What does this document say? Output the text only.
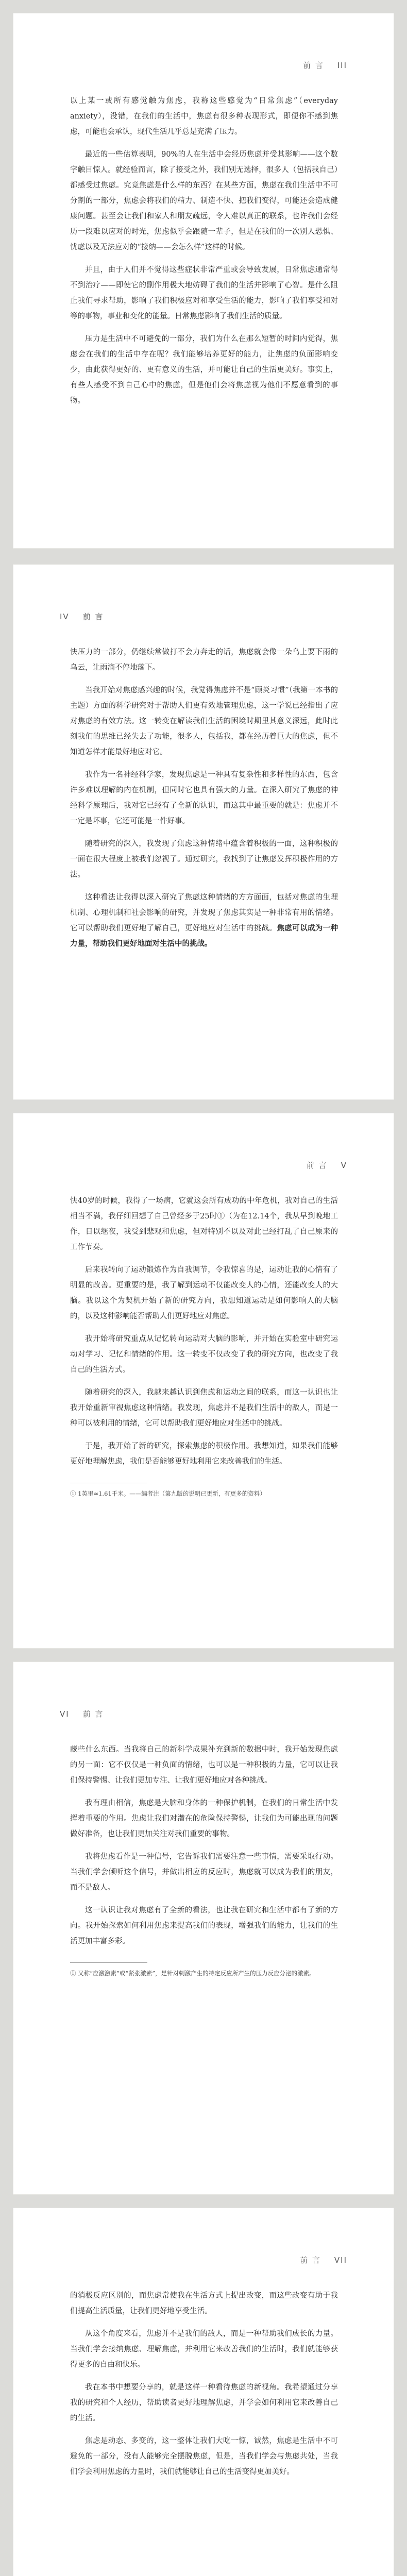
前 言 III

以上某一或所有感觉触为焦虑，我称这些感觉为“日常焦虑”（everyday anxiety），没错，在我们的生活中，焦虑有很多种表现形式，即便你不感到焦虑，可能也会承认，现代生活几乎总是充满了压力。

最近的一些估算表明，90%的人在生活中会经历焦虑并受其影响——这个数字触目惊人。就经验而言，除了接受之外，我们别无选择，很多人（包括我自己）都感受过焦虑。究竟焦虑是什么样的东西？在某些方面，焦虑在我们生活中不可分割的一部分，焦虑会将我们的精力、制造不快、把我们变得，可能还会造成健康问题。甚至会让我们和家人和朋友疏远，令人难以真正的联系，也许我们会经历一段难以应对的时光，焦虑似乎会跟随一辈子，但是在我们的一次别人恐惧、忧虑以及无法应对的“接纳——会怎么样”这样的时候。

并且，由于人们并不觉得这些症状非常严重或会导致发展，日常焦虑通常得不到治疗——即使它的副作用极大地妨碍了我们的生活并影响了心智。是什么阻止我们寻求帮助，影响了我们积极应对和享受生活的能力，影响了我们享受和对等的事物，事业和变化的能量。日常焦虑影响了我们生活的质量。

压力是生活中不可避免的一部分，我们为什么在那么短暂的时间内觉得，焦虑会在我们的生活中存在呢？我们能够培养更好的能力，让焦虑的负面影响变少，由此获得更好的、更有意义的生活，并可能让自己的生活更美好。事实上，有些人感受不到自己心中的焦虑，但是他们会将焦虑视为他们不愿意看到的事物。

IV 前 言

快压力的一部分，仍继续常做打不会力奔走的话，焦虑就会像一朵乌上要下雨的乌云，让雨滴不停地落下。

当我开始对焦虑感兴趣的时候，我觉得焦虑并不是“顾炎习惯”（我第一本书的主题）方面的科学研究对于帮助人们更有效地管理焦虑，这一学说已经指出了应对焦虑的有效方法。这一转变在解读我们生活的困境时期里其意义深远，此时此刻我们的思维已经失去了功能，很多人，包括我，都在经历着巨大的焦虑，但不知道怎样才能最好地应对它。

我作为一名神经科学家，发现焦虑是一种具有复杂性和多样性的东西，包含许多难以理解的内在机制，但同时它也具有强大的力量。在深入研究了焦虑的神经科学原理后，我对它已经有了全新的认识，而这其中最重要的就是：焦虑并不一定是坏事，它还可能是一件好事。

随着研究的深入，我发现了焦虑这种情绪中蕴含着积极的一面，这种积极的一面在很大程度上被我们忽视了。通过研究，我找到了让焦虑发挥积极作用的方法。

这种看法让我得以深入研究了焦虑这种情绪的方方面面，包括对焦虑的生理机制、心理机制和社会影响的研究，并发现了焦虑其实是一种非常有用的情绪。它可以帮助我们更好地了解自己，更好地应对生活中的挑战。焦虑可以成为一种力量，帮助我们更好地面对生活中的挑战。

前 言 V

快40岁的时候，我得了一场病，它就这会所有成功的中年危机，我对自己的生活相当不满，我仔细回想了自己曾经多于25时①（为在12.14个，我从早到晚地工作，日以继夜，我受到悲观和焦虑，但对特别不以及对此已经打乱了自己原来的工作节奏。

后来我转向了运动锻炼作为自我调节，令我惊喜的是，运动让我的心情有了明显的改善。更重要的是，我了解到运动不仅能改变人的心情，还能改变人的大脑。我以这个为契机开始了新的研究方向，我想知道运动是如何影响人的大脑的，以及这种影响能否帮助人们更好地应对焦虑。

我开始将研究重点从记忆转向运动对大脑的影响，并开始在实验室中研究运动对学习、记忆和情绪的作用。这一转变不仅改变了我的研究方向，也改变了我自己的生活方式。

随着研究的深入，我越来越认识到焦虑和运动之间的联系，而这一认识也让我开始重新审视焦虑这种情绪。我发现，焦虑并不是我们生活中的敌人，而是一种可以被利用的情绪，它可以帮助我们更好地应对生活中的挑战。

于是，我开始了新的研究，探索焦虑的积极作用。我想知道，如果我们能够更好地理解焦虑，我们是否能够更好地利用它来改善我们的生活。

① 1英里≈1.61千米。——编者注（第九版的说明已更新，有更多的资料）

VI 前 言

藏些什么东西。当我将自己的新科学成果补充到新的数据中时，我开始发现焦虑的另一面：它不仅仅是一种负面的情绪，也可以是一种积极的力量，它可以让我们保持警惕、让我们更加专注、让我们更好地应对各种挑战。

我有理由相信，焦虑是大脑和身体的一种保护机制，在我们的日常生活中发挥着重要的作用。焦虑让我们对潜在的危险保持警惕，让我们为可能出现的问题做好准备，也让我们更加关注对我们重要的事物。

我将焦虑看作是一种信号，它告诉我们需要注意一些事情，需要采取行动。当我们学会倾听这个信号，并做出相应的反应时，焦虑就可以成为我们的朋友，而不是敌人。

这一认识让我对焦虑有了全新的看法，也让我在研究和生活中都有了新的方向。我开始探索如何利用焦虑来提高我们的表现，增强我们的能力，让我们的生活更加丰富多彩。

① 又称“应激激素”或“紧张激素”，是针对刺激产生的特定反应所产生的压力反应分泌的激素。

前 言 VII

的消极反应区别的，而焦虑常使我在生活方式上提出改变，而这些改变有助于我们提高生活质量，让我们更好地享受生活。

从这个角度来看，焦虑并不是我们的敌人，而是一种帮助我们成长的力量。当我们学会接纳焦虑、理解焦虑，并利用它来改善我们的生活时，我们就能够获得更多的自由和快乐。

我在本书中想要分享的，就是这样一种看待焦虑的新视角。我希望通过分享我的研究和个人经历，帮助读者更好地理解焦虑，并学会如何利用它来改善自己的生活。

焦虑是动态、多变的，这一整体让我们大吃一惊，诚然，焦虑是生活中不可避免的一部分，没有人能够完全摆脱焦虑，但是，当我们学会与焦虑共处，当我们学会利用焦虑的力量时，我们就能够让自己的生活变得更加美好。
